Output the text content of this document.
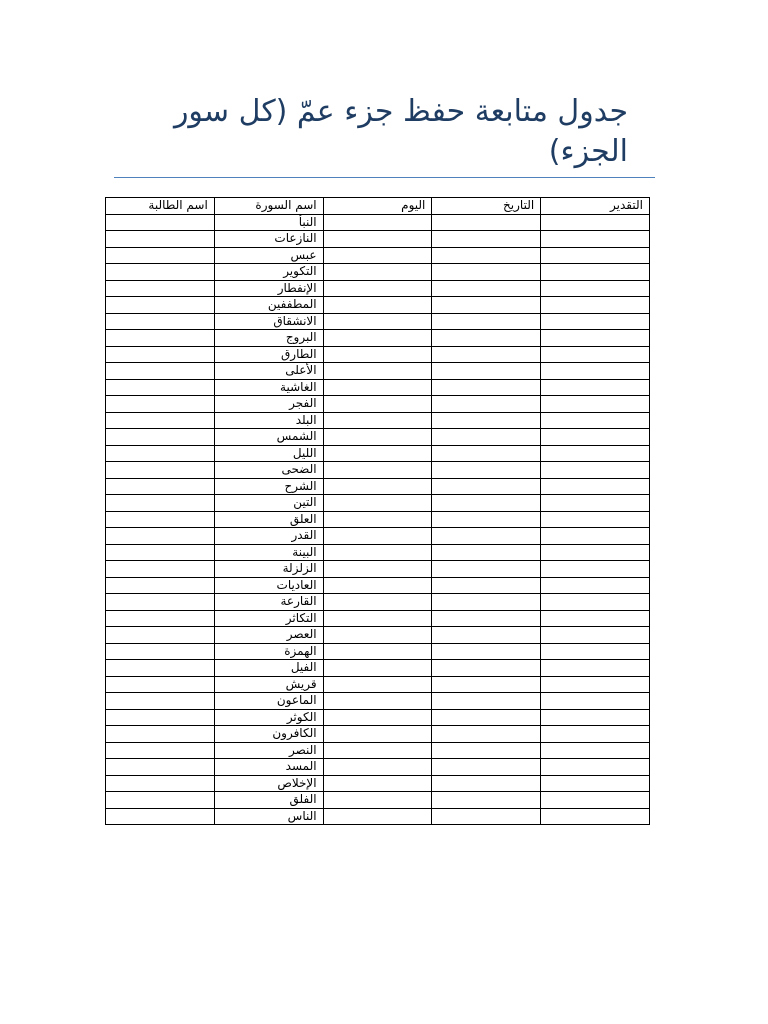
جدول متابعة حفظ جزء عمّ (كل سور الجزء)
التقدير	التاريخ	اليوم	اسم السورة	اسم الطالبة
			النبأ	
			النازعات	
			عبس	
			التكوير	
			الإنفطار	
			المطففين	
			الانشقاق	
			البروج	
			الطارق	
			الأعلى	
			الغاشية	
			الفجر	
			البلد	
			الشمس	
			الليل	
			الضحى	
			الشرح	
			التين	
			العلق	
			القدر	
			البينة	
			الزلزلة	
			العاديات	
			القارعة	
			التكاثر	
			العصر	
			الهمزة	
			الفيل	
			قريش	
			الماعون	
			الكوثر	
			الكافرون	
			النصر	
			المسد	
			الإخلاص	
			الفلق	
			الناس	
